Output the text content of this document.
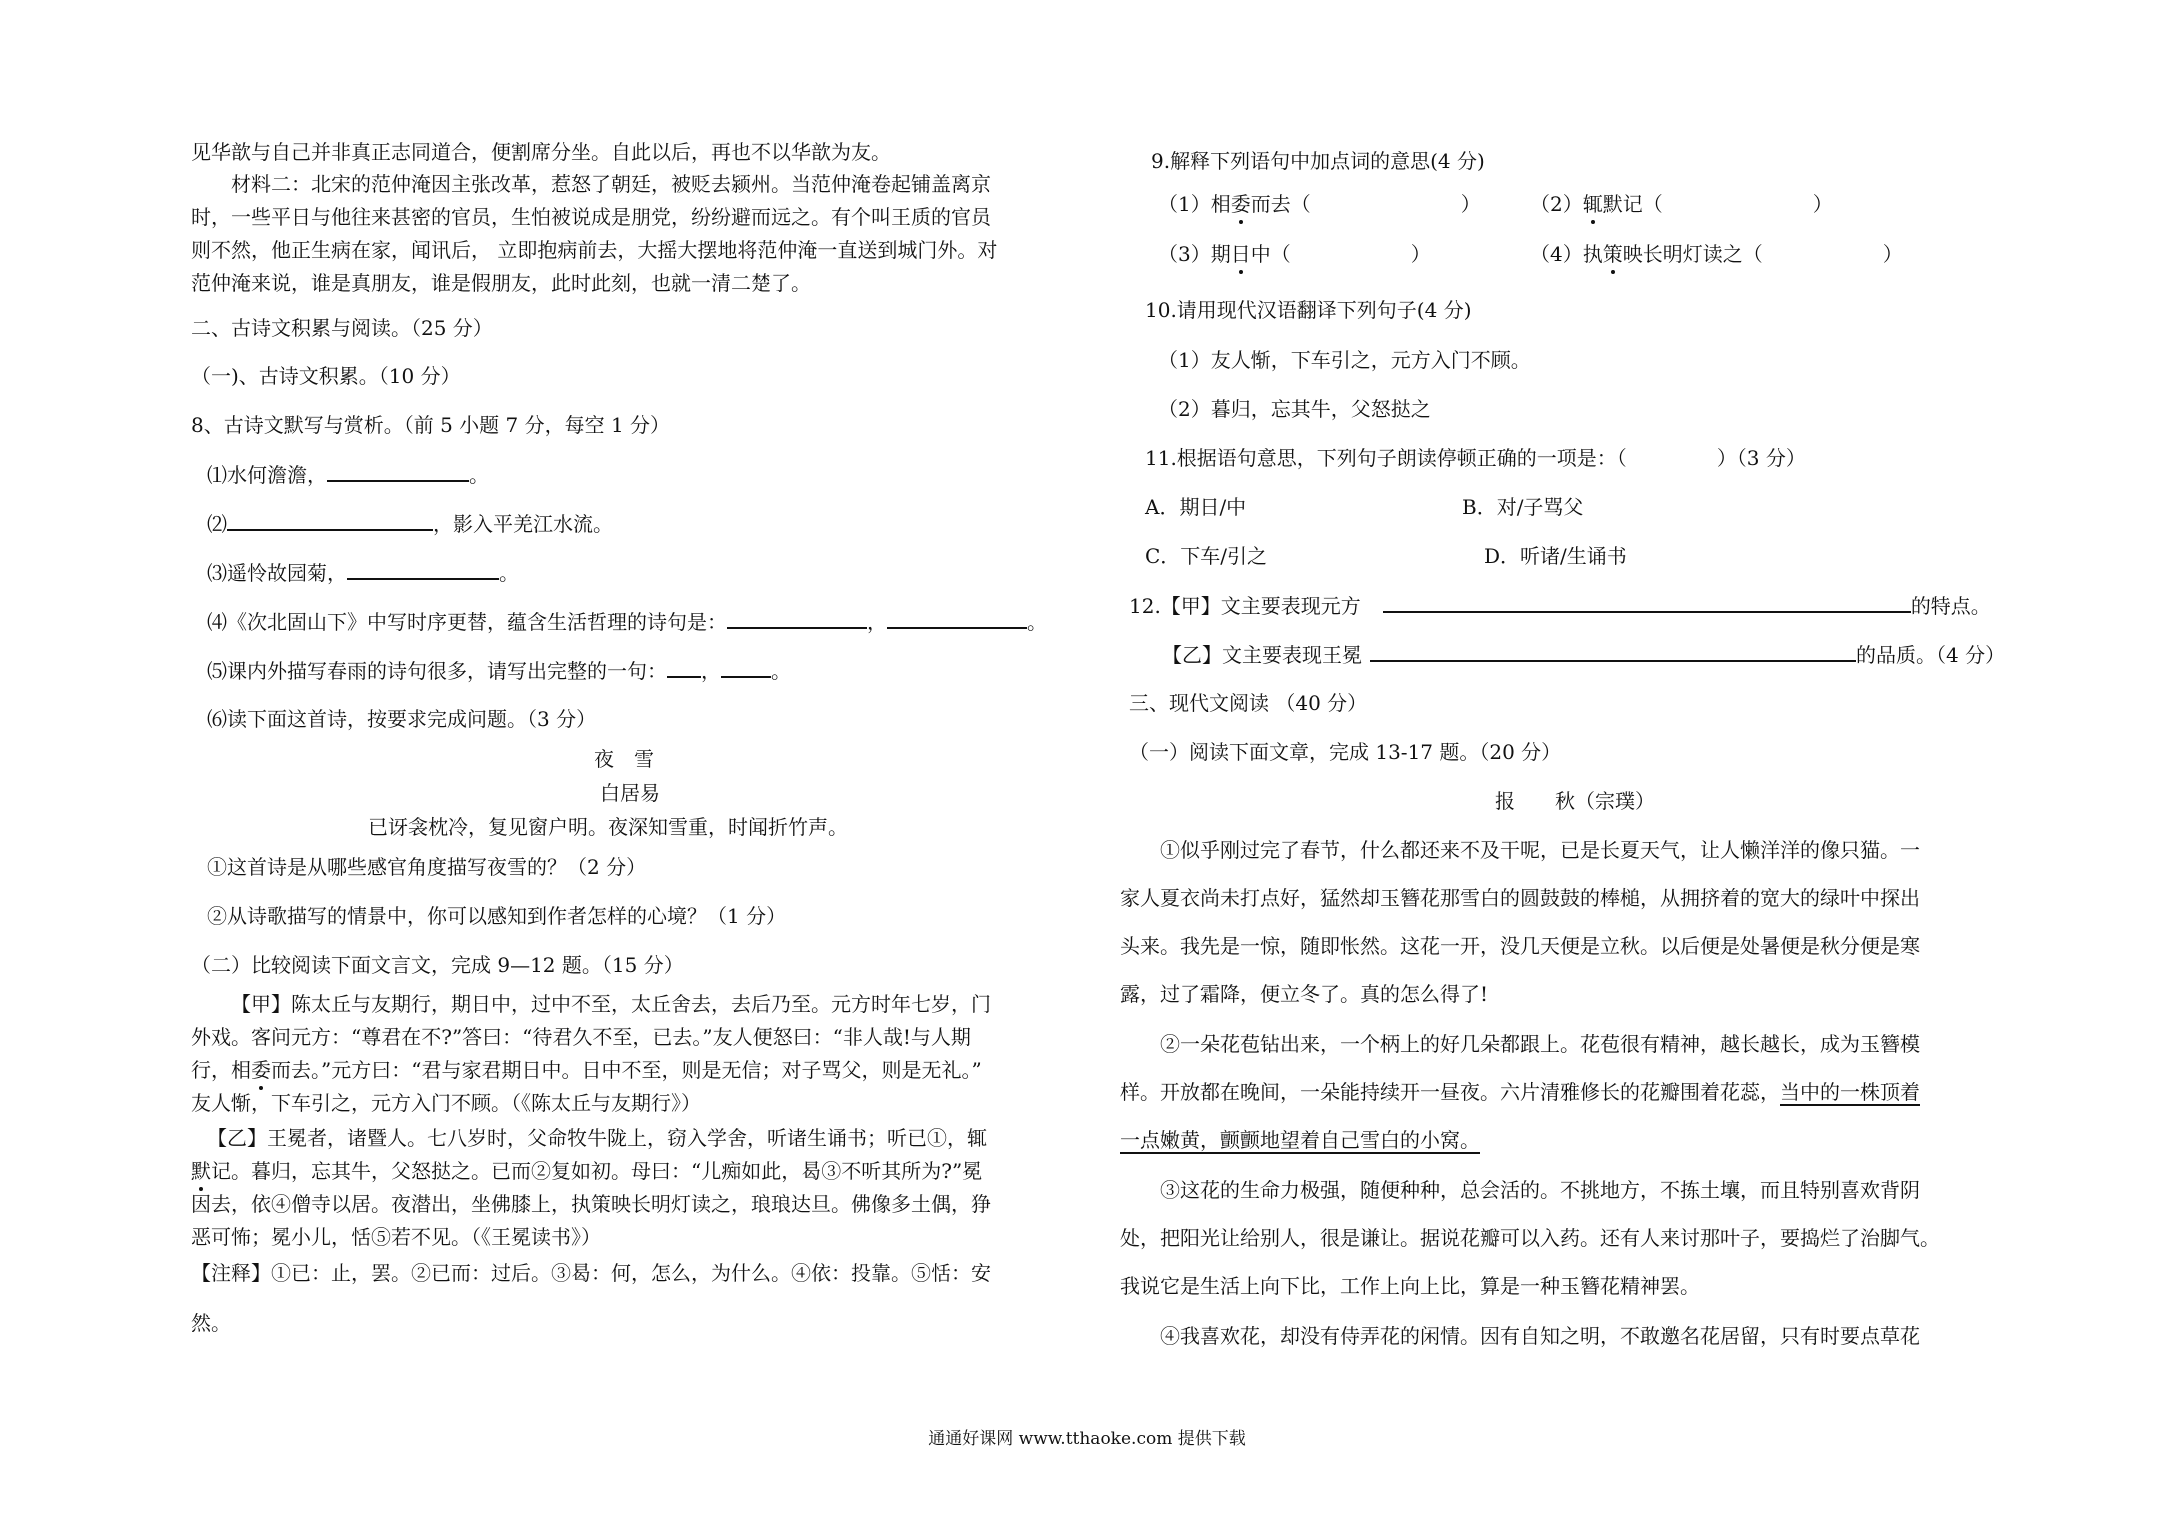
见华歆与自己并非真正志同道合，便割席分坐。自此以后，再也不以华歆为友。
材料二：北宋的范仲淹因主张改革，惹怒了朝廷，被贬去颍州。当范仲淹卷起铺盖离京
时，一些平日与他往来甚密的官员，生怕被说成是朋党，纷纷避而远之。有个叫王质的官员
则不然，他正生病在家，闻讯后， 立即抱病前去，大摇大摆地将范仲淹一直送到城门外。对
范仲淹来说，谁是真朋友，谁是假朋友，此时此刻，也就一清二楚了。
二、古诗文积累与阅读。（25 分）
（一)、古诗文积累。（10 分）
8、古诗文默写与赏析。（前 5 小题 7 分，每空 1 分）
⑴水何澹澹，	。
⑵	，影入平羌江水流。
⑶遥怜故园菊，	。
⑷《次北固山下》中写时序更替，蕴含生活哲理的诗句是：	，	。
⑸课内外描写春雨的诗句很多，请写出完整的一句： ，	。
⑹读下面这首诗，按要求完成问题。（3 分）
夜　雪
白居易
已讶衾枕冷，复见窗户明。夜深知雪重，时闻折竹声。
①这首诗是从哪些感官角度描写夜雪的？（2 分）
②从诗歌描写的情景中，你可以感知到作者怎样的心境？（1 分）
（二）比较阅读下面文言文，完成 9—12 题。（15 分）
【甲】陈太丘与友期行，期日中，过中不至，太丘舍去，去后乃至。元方时年七岁，门
外戏。客问元方：“尊君在不?”答曰：“待君久不至，已去。”友人便怒曰：“非人哉!与人期
行，相委而去。”元方曰：“君与家君期日中。日中不至，则是无信；对子骂父，则是无礼。”
友人惭，下车引之，元方入门不顾。（《陈太丘与友期行》）
【乙】王冕者，诸暨人。七八岁时，父命牧牛陇上，窃入学舍，听诸生诵书；听已①，辄
默记。暮归，忘其牛，父怒挞之。已而②复如初。母曰：“儿痴如此，曷③不听其所为?”冕
因去，依④僧寺以居。夜潜出，坐佛膝上，执策映长明灯读之，琅琅达旦。佛像多土偶，狰
恶可怖；冕小儿，恬⑤若不见。（《王冕读书》）
【注释】①已：止，罢。②已而：过后。③曷：何，怎么，为什么。④依：投靠。⑤恬：安
然。
9.解释下列语句中加点词的意思(4 分)
（1）相委而去（	） （2）辄默记（	）
（3）期日中（	）	（4）执策映长明灯读之（	）
10.请用现代汉语翻译下列句子(4 分)
（1）友人惭，下车引之，元方入门不顾。
（2）暮归，忘其牛，父怒挞之
11.根据语句意思，下列句子朗读停顿正确的一项是：（	）（3 分）
A．期日/中	B．对/子骂父
C．下车/引之	D．听诸/生诵书
12.【甲】文主要表现元方	的特点。
【乙】文主要表现王冕	的品质。（4 分）
三、现代文阅读 （40 分）
（一）阅读下面文章，完成 13-17 题。（20 分）
报　　秋（宗璞）
①似乎刚过完了春节，什么都还来不及干呢，已是长夏天气，让人懒洋洋的像只猫。一
家人夏衣尚未打点好，猛然却玉簪花那雪白的圆鼓鼓的棒槌，从拥挤着的宽大的绿叶中探出
头来。我先是一惊，随即怅然。这花一开，没几天便是立秋。以后便是处暑便是秋分便是寒
露，过了霜降，便立冬了。真的怎么得了!
②一朵花苞钻出来，一个柄上的好几朵都跟上。花苞很有精神，越长越长，成为玉簪模
样。开放都在晚间，一朵能持续开一昼夜。六片清雅修长的花瓣围着花蕊，当中的一株顶着
一点嫩黄，颤颤地望着自己雪白的小窝。
③这花的生命力极强，随便种种，总会活的。不挑地方，不拣土壤，而且特别喜欢背阴
处，把阳光让给别人，很是谦让。据说花瓣可以入药。还有人来讨那叶子，要捣烂了治脚气。
我说它是生活上向下比，工作上向上比，算是一种玉簪花精神罢。
④我喜欢花，却没有侍弄花的闲情。因有自知之明，不敢邀名花居留，只有时要点草花
通通好课网 www.tthaoke.com 提供下载
